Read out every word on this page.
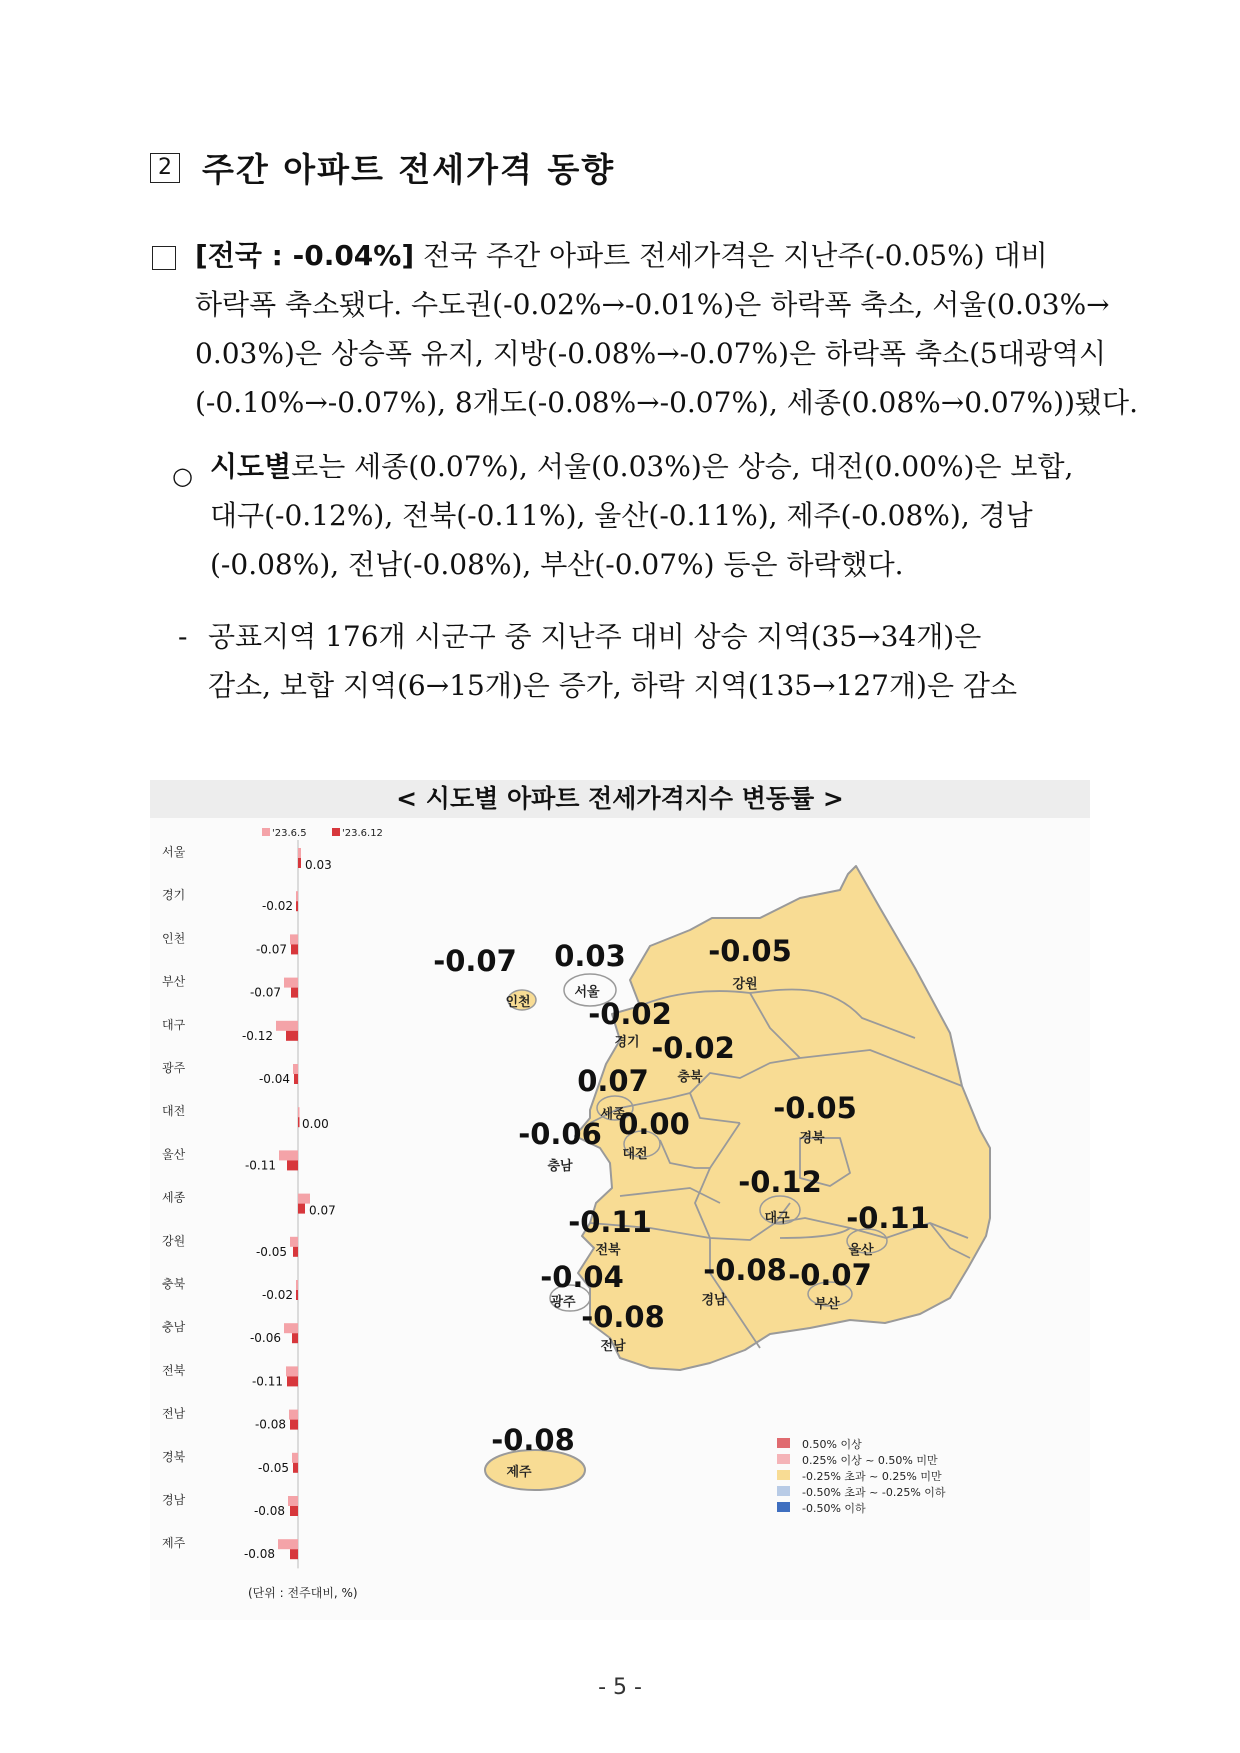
2 주간 아파트 전세가격 동향
[전국 : -0.04%] 전국 주간 아파트 전세가격은 지난주(-0.05%) 대비
하락폭 축소됐다. 수도권(-0.02%→-0.01%)은 하락폭 축소, 서울(0.03%→
0.03%)은 상승폭 유지, 지방(-0.08%→-0.07%)은 하락폭 축소(5대광역시
(-0.10%→-0.07%), 8개도(-0.08%→-0.07%), 세종(0.08%→0.07%))됐다.
○ 시도별로는 세종(0.07%), 서울(0.03%)은 상승, 대전(0.00%)은 보합,
대구(-0.12%), 전북(-0.11%), 울산(-0.11%), 제주(-0.08%), 경남
(-0.08%), 전남(-0.08%), 부산(-0.07%) 등은 하락했다.
- 공표지역 176개 시군구 중 지난주 대비 상승 지역(35→34개)은
감소, 보합 지역(6→15개)은 증가, 하락 지역(135→127개)은 감소
< 시도별 아파트 전세가격지수 변동률 >
'23.6.5	'23.6.12
서울
0.03
경기
-0.02
인천
-0.07
부산
-0.07
대구
-0.12
광주
-0.04
대전
0.00
울산
-0.11
세종
0.07
강원
-0.05
충북
-0.02
충남
-0.06
전북
-0.11
전남
-0.08
경북
-0.05
경남
-0.08
제주
-0.08
(단위 : 전주대비, %)
-0.07
인천
0.03
서울
-0.05
강원
-0.02
경기 -0.02
충북
0.07
세종	-0.05
경북
-0.06
충남
0.00
대전
-0.12
대구 -0.11
울산
-0.11
전북
-0.04
광주
-0.08
경남
-0.07
부산
-0.08
전남
-0.08
제주
0.50% 이상
0.25% 이상 ~ 0.50% 미만
-0.25% 초과 ~ 0.25% 미만
-0.50% 초과 ~ -0.25% 이하
-0.50% 이하
- 5 -
